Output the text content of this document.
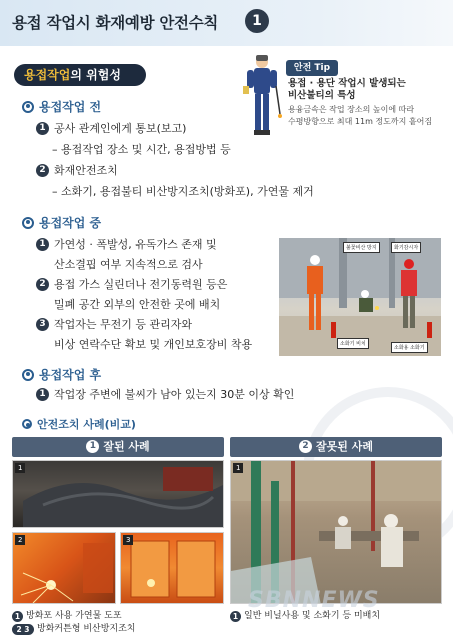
용접 작업시 화재예방 안전수칙	1
용접작업의 위험성	안전 Tip
용접 · 용단 작업시 발생되는
비산불티의 특성
용융금속은 작업 장소의 높이에 따라
수평방향으로 최대 11m 정도까지 흩어짐
용접작업 전
1 공사 관계인에게 통보(보고)
– 용접작업 장소 및 시간, 용접방법 등
2 화재안전조치
– 소화기, 용접불티 비산방지조치(방화포), 가연물 제거
용접작업 중
1 가연성 · 폭발성, 유독가스 존재 및
산소결핍 여부 지속적으로 검사
2 용접 가스 실린더나 전기동력원 등은
밀폐 공간 외부의 안전한 곳에 배치
3 작업자는 무전기 등 관리자와
비상 연락수단 확보 및 개인보호장비 착용
불꽃비산 방지	화기감시자
소화기 비치
소화용 소화기
용접작업 후
1 작업장 주변에 불씨가 남아 있는지 30분 이상 확인
안전조치 사례(비교)
1 잘된 사례	2 잘못된 사례
1
2	3
1
1 방화포 사용 가연물 도포
2 3 방화커튼형 비산방지조치
1 일반 비닐사용 및 소화기 등 미배치
SBNNEWS
